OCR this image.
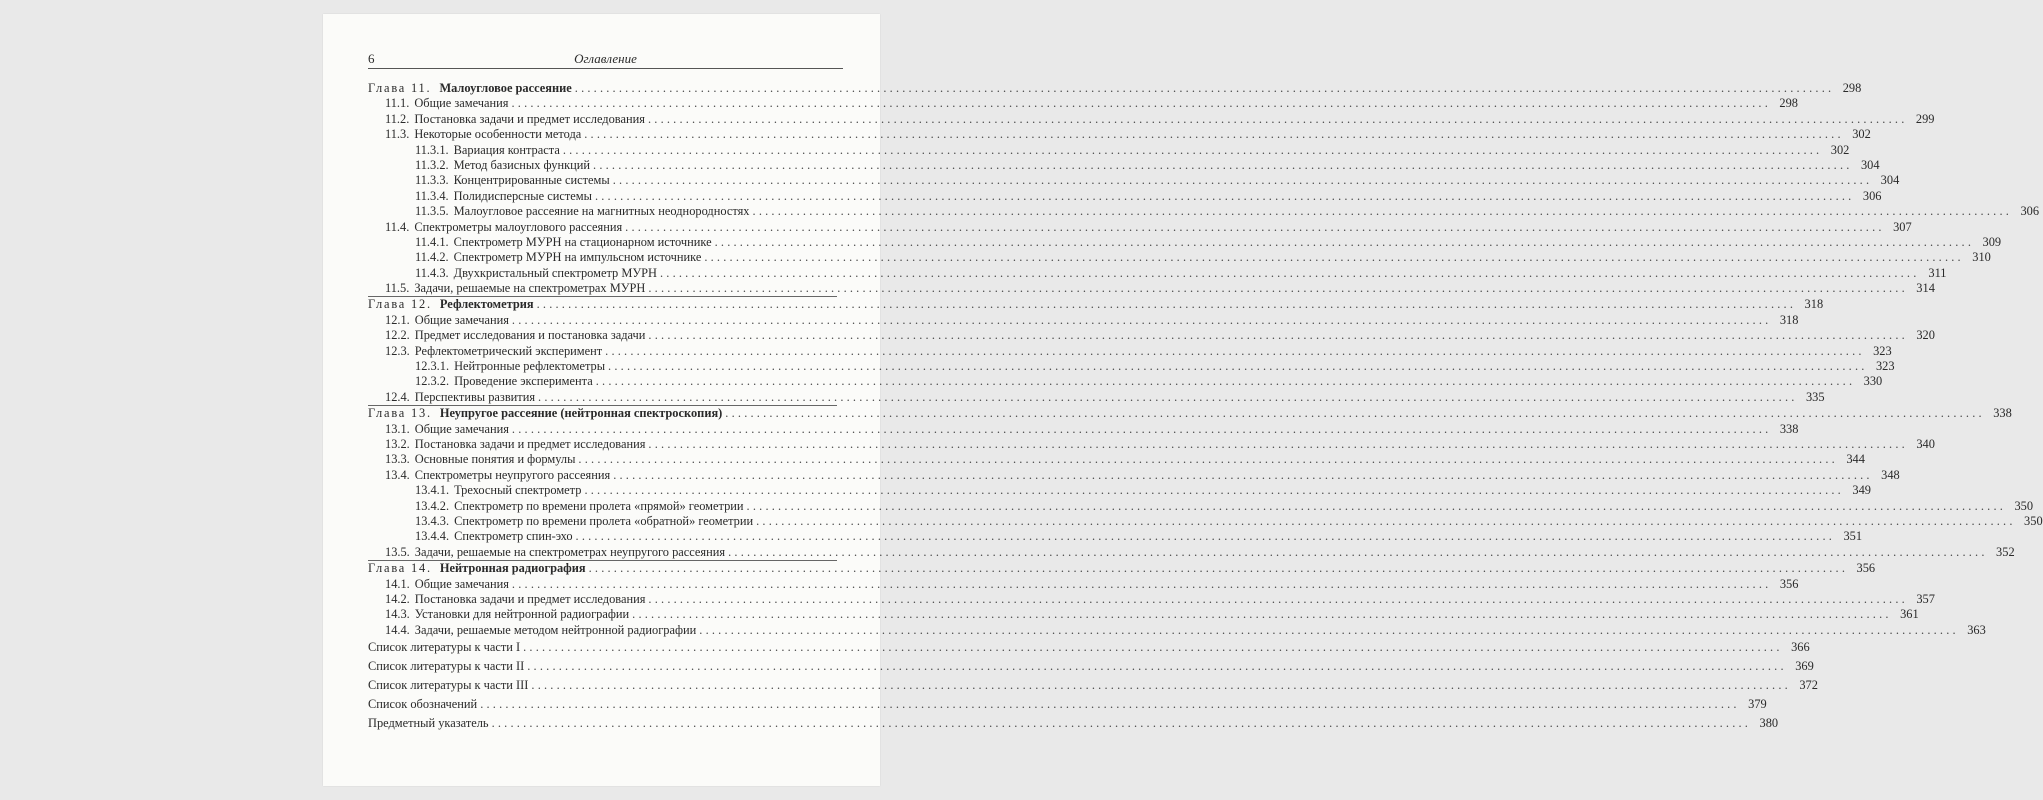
6	Оглавление
Глава 11. Малоугловое рассеяние ........................................................................................................................................................................................................ 298
11.1. Общие замечания ........................................................................................................................................................................................................ 298
11.2. Постановка задачи и предмет исследования ........................................................................................................................................................................................................ 299
11.3. Некоторые особенности метода ........................................................................................................................................................................................................ 302
11.3.1. Вариация контраста ........................................................................................................................................................................................................ 302
11.3.2. Метод базисных функций ........................................................................................................................................................................................................ 304
11.3.3. Концентрированные системы ........................................................................................................................................................................................................ 304
11.3.4. Полидисперсные системы ........................................................................................................................................................................................................ 306
11.3.5. Малоугловое рассеяние на магнитных неоднородностях ........................................................................................................................................................................................................ 306
11.4. Спектрометры малоуглового рассеяния ........................................................................................................................................................................................................ 307
11.4.1. Спектрометр МУРН на стационарном источнике ........................................................................................................................................................................................................ 309
11.4.2. Спектрометр МУРН на импульсном источнике ........................................................................................................................................................................................................ 310
11.4.3. Двухкристальный спектрометр МУРН ........................................................................................................................................................................................................ 311
11.5. Задачи, решаемые на спектрометрах МУРН ........................................................................................................................................................................................................ 314
Глава 12. Рефлектометрия ........................................................................................................................................................................................................ 318
12.1. Общие замечания ........................................................................................................................................................................................................ 318
12.2. Предмет исследования и постановка задачи ........................................................................................................................................................................................................ 320
12.3. Рефлектометрический эксперимент ........................................................................................................................................................................................................ 323
12.3.1. Нейтронные рефлектометры ........................................................................................................................................................................................................ 323
12.3.2. Проведение эксперимента ........................................................................................................................................................................................................ 330
12.4. Перспективы развития ........................................................................................................................................................................................................ 335
Глава 13. Неупругое рассеяние (нейтронная спектроскопия) ........................................................................................................................................................................................................ 338
13.1. Общие замечания ........................................................................................................................................................................................................ 338
13.2. Постановка задачи и предмет исследования ........................................................................................................................................................................................................ 340
13.3. Основные понятия и формулы ........................................................................................................................................................................................................ 344
13.4. Спектрометры неупругого рассеяния ........................................................................................................................................................................................................ 348
13.4.1. Трехосный спектрометр ........................................................................................................................................................................................................ 349
13.4.2. Спектрометр по времени пролета «прямой» геометрии ........................................................................................................................................................................................................ 350
13.4.3. Спектрометр по времени пролета «обратной» геометрии ........................................................................................................................................................................................................ 350
13.4.4. Спектрометр спин-эхо ........................................................................................................................................................................................................ 351
13.5. Задачи, решаемые на спектрометрах неупругого рассеяния ........................................................................................................................................................................................................ 352
Глава 14. Нейтронная радиография ........................................................................................................................................................................................................ 356
14.1. Общие замечания ........................................................................................................................................................................................................ 356
14.2. Постановка задачи и предмет исследования ........................................................................................................................................................................................................ 357
14.3. Установки для нейтронной радиографии ........................................................................................................................................................................................................ 361
14.4. Задачи, решаемые методом нейтронной радиографии ........................................................................................................................................................................................................ 363
Список литературы к части I ........................................................................................................................................................................................................ 366
Список литературы к части II ........................................................................................................................................................................................................ 369
Список литературы к части III ........................................................................................................................................................................................................ 372
Список обозначений ........................................................................................................................................................................................................ 379
Предметный указатель ........................................................................................................................................................................................................ 380
